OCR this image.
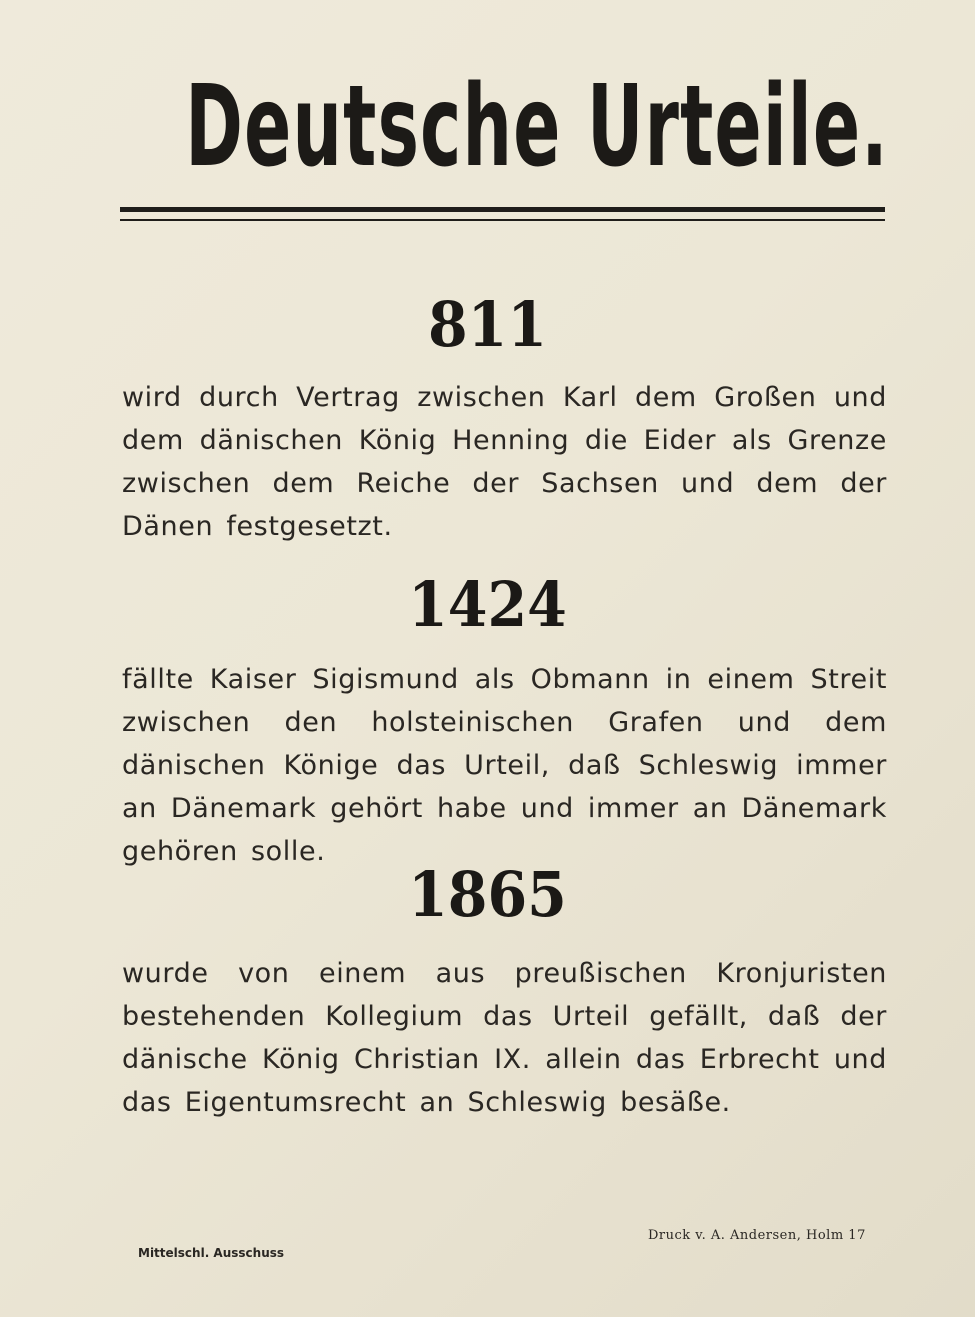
Deutsche Urteile.
811
wird durch Vertrag zwischen Karl dem Großen und dem dänischen König Henning die Eider als Grenze zwischen dem Reiche der Sachsen und dem der Dänen festgesetzt.
1424
fällte Kaiser Sigismund als Obmann in einem Streit zwischen den holsteinischen Grafen und dem dänischen Könige das Urteil, daß Schleswig immer an Dänemark gehört habe und immer an Dänemark gehören solle.
1865
wurde von einem aus preußischen Kronjuristen bestehenden Kollegium das Urteil gefällt, daß der dänische König Christian IX. allein das Erbrecht und das Eigentumsrecht an Schleswig besäße.
Mittelschl. Ausschuss
Druck v. A. Andersen, Holm 17
